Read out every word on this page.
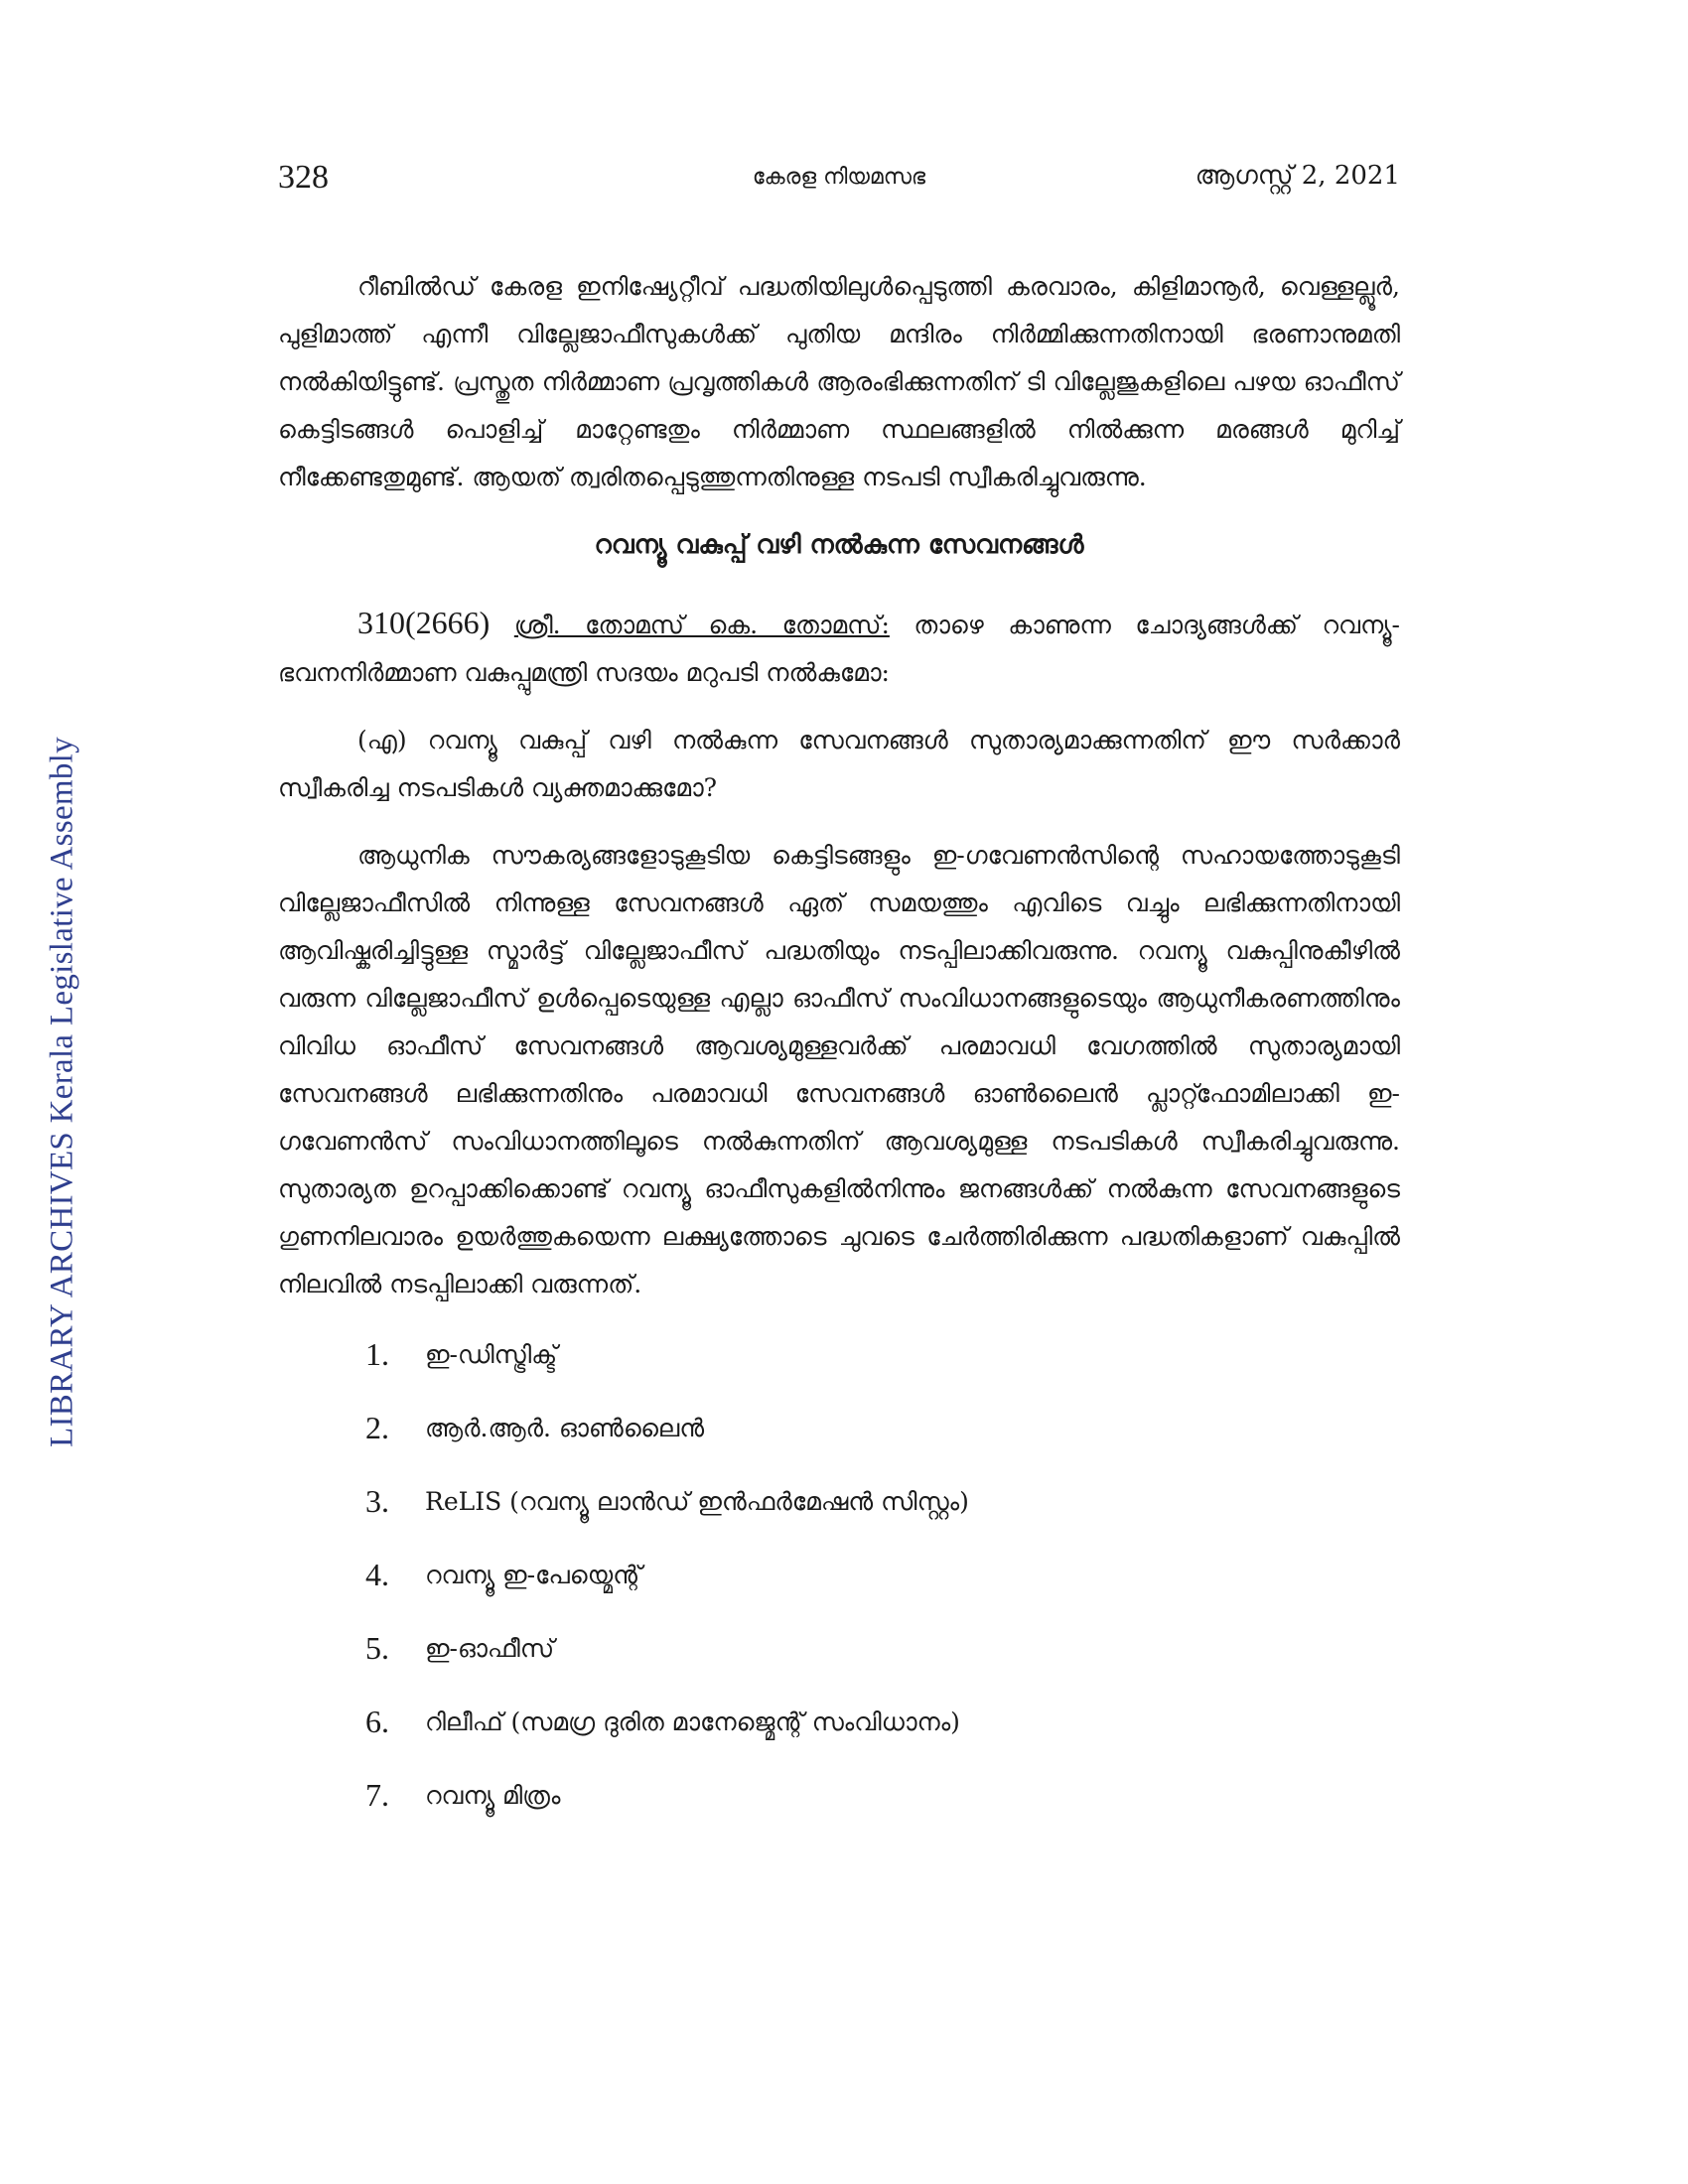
328	കേരള നിയമസഭ	ആഗസ്റ്റ് 2, 2021
LIBRARY ARCHIVES Kerala Legislative Assembly

റീബിൽഡ് കേരള ഇനിഷ്യേറ്റീവ് പദ്ധതിയിലുൾപ്പെടുത്തി കരവാരം, കിളിമാനൂർ, വെള്ളല്ലൂർ, പുളിമാത്ത് എന്നീ വില്ലേജാഫീസുകൾക്ക് പുതിയ മന്ദിരം നിർമ്മിക്കുന്നതിനായി ഭരണാനുമതി നൽകിയിട്ടുണ്ട്. പ്രസ്തുത നിർമ്മാണ പ്രവൃത്തികൾ ആരംഭിക്കുന്നതിന് ടി വില്ലേജുകളിലെ പഴയ ഓഫീസ് കെട്ടിടങ്ങൾ പൊളിച്ച് മാറ്റേണ്ടതും നിർമ്മാണ സ്ഥലങ്ങളിൽ നിൽക്കുന്ന മരങ്ങൾ മുറിച്ച് നീക്കേണ്ടതുമുണ്ട്. ആയത് ത്വരിതപ്പെടുത്തുന്നതിനുള്ള നടപടി സ്വീകരിച്ചുവരുന്നു.

റവന്യൂ വകുപ്പ് വഴി നൽകുന്ന സേവനങ്ങൾ

310(2666) ശ്രീ. തോമസ് കെ. തോമസ്: താഴെ കാണുന്ന ചോദ്യങ്ങൾക്ക് റവന്യൂ-ഭവനനിർമ്മാണ വകുപ്പുമന്ത്രി സദയം മറുപടി നൽകുമോ:

(എ) റവന്യൂ വകുപ്പ് വഴി നൽകുന്ന സേവനങ്ങൾ സുതാര്യമാക്കുന്നതിന് ഈ സർക്കാർ സ്വീകരിച്ച നടപടികൾ വ്യക്തമാക്കുമോ?

ആധുനിക സൗകര്യങ്ങളോടുകൂടിയ കെട്ടിടങ്ങളും ഇ-ഗവേണൻസിന്റെ സഹായത്തോടുകൂടി വില്ലേജാഫീസിൽ നിന്നുള്ള സേവനങ്ങൾ ഏത് സമയത്തും എവിടെ വച്ചും ലഭിക്കുന്നതിനായി ആവിഷ്കരിച്ചിട്ടുള്ള സ്മാർട്ട് വില്ലേജാഫീസ് പദ്ധതിയും നടപ്പിലാക്കിവരുന്നു. റവന്യൂ വകുപ്പിനുകീഴിൽ വരുന്ന വില്ലേജാഫീസ് ഉൾപ്പെടെയുള്ള എല്ലാ ഓഫീസ് സംവിധാനങ്ങളുടെയും ആധുനീകരണത്തിനും വിവിധ ഓഫീസ് സേവനങ്ങൾ ആവശ്യമുള്ളവർക്ക് പരമാവധി വേഗത്തിൽ സുതാര്യമായി സേവനങ്ങൾ ലഭിക്കുന്നതിനും പരമാവധി സേവനങ്ങൾ ഓൺലൈൻ പ്ലാറ്റ്ഫോമിലാക്കി ഇ-ഗവേണൻസ് സംവിധാനത്തിലൂടെ നൽകുന്നതിന് ആവശ്യമുള്ള നടപടികൾ സ്വീകരിച്ചുവരുന്നു. സുതാര്യത ഉറപ്പാക്കിക്കൊണ്ട് റവന്യൂ ഓഫീസുകളിൽനിന്നും ജനങ്ങൾക്ക് നൽകുന്ന സേവനങ്ങളുടെ ഗുണനിലവാരം ഉയർത്തുകയെന്ന ലക്ഷ്യത്തോടെ ചുവടെ ചേർത്തിരിക്കുന്ന പദ്ധതികളാണ് വകുപ്പിൽ നിലവിൽ നടപ്പിലാക്കി വരുന്നത്.

1.	ഇ-ഡിസ്ട്രിക്ട്
2.	ആർ.ആർ. ഓൺലൈൻ
3.	ReLIS (റവന്യൂ ലാൻഡ് ഇൻഫർമേഷൻ സിസ്റ്റം)
4.	റവന്യൂ ഇ-പേയ്മെന്റ്
5.	ഇ-ഓഫീസ്
6.	റിലീഫ് (സമഗ്ര ദുരിത മാനേജ്മെന്റ് സംവിധാനം)
7.	റവന്യൂ മിത്രം
